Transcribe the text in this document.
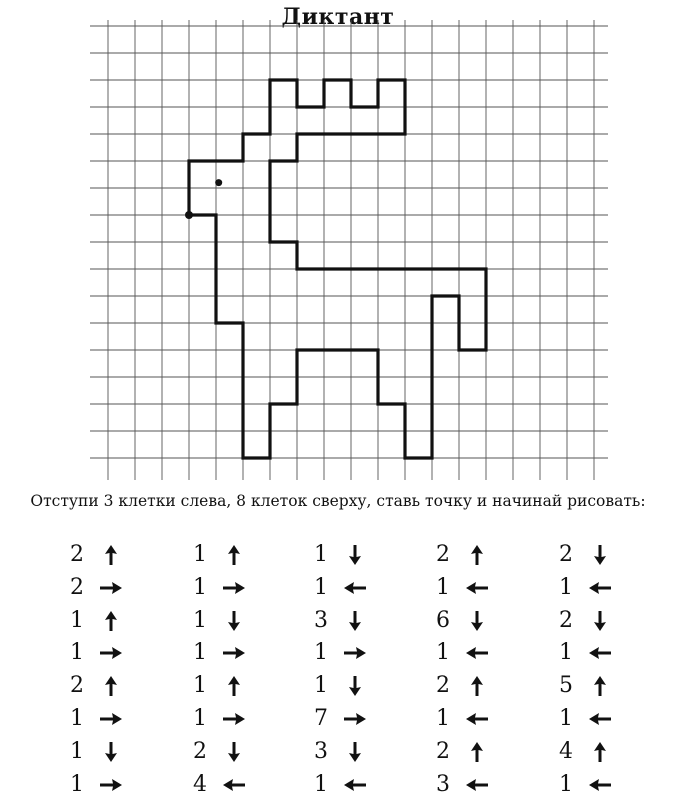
Диктант
Отступи 3 клетки слева, 8 клеток сверху, ставь точку и начинай рисовать:
2
2
1
1
2
1
1
1
1
1
1
1
1
1
2
4
1
1
3
1
1
7
3
1
2
1
6
1
2
1
2
3
2
1
2
1
5
1
4
1
